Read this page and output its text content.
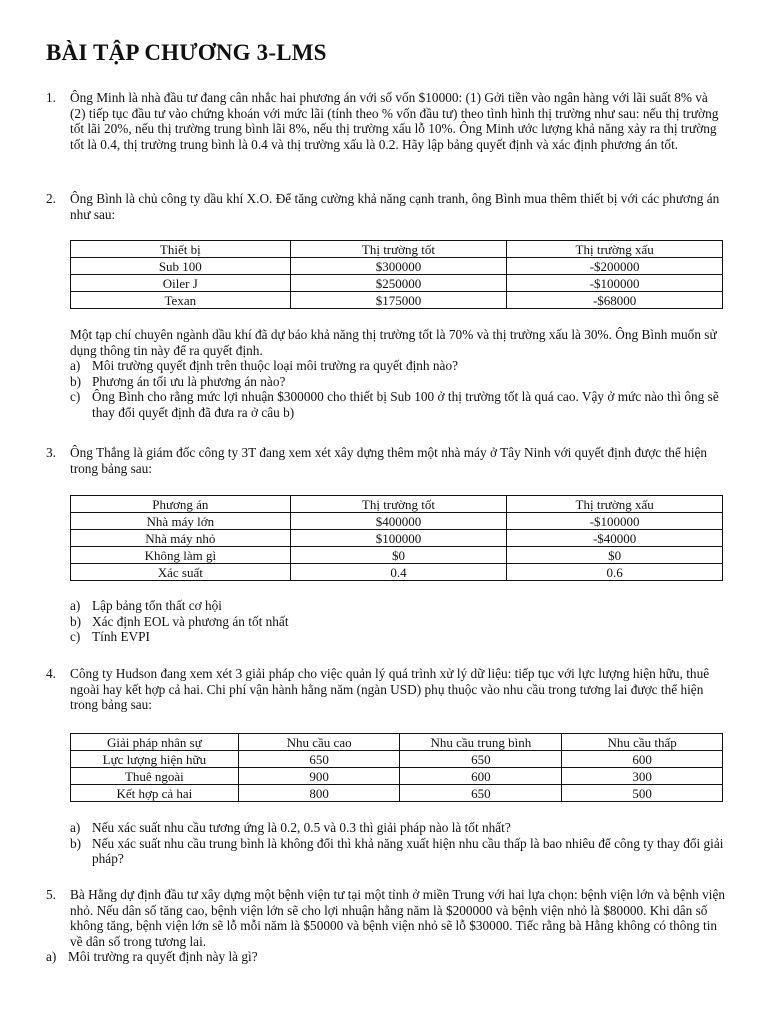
BÀI TẬP CHƯƠNG 3-LMS
1.	Ông Minh là nhà đầu tư đang cân nhắc hai phương án với số vốn $10000: (1) Gởi tiền vào ngân hàng với lãi suất 8% và (2) tiếp tục đầu tư vào chứng khoán với mức lãi (tính theo % vốn đầu tư) theo tình hình thị trường như sau: nếu thị trường tốt lãi 20%, nếu thị trường trung bình lãi 8%, nếu thị trường xấu lỗ 10%. Ông Minh ước lượng khả năng xảy ra thị trường tốt là 0.4, thị trường trung bình là 0.4 và thị trường xấu là 0.2. Hãy lập bảng quyết định và xác định phương án tốt.

2.	Ông Bình là chủ công ty dầu khí X.O. Để tăng cường khả năng cạnh tranh, ông Bình mua thêm thiết bị với các phương án như sau:

Thiết bị	Thị trường tốt	Thị trường xấu
Sub 100	$300000	-$200000
Oiler J	$250000	-$100000
Texan	$175000	-$68000

Một tạp chí chuyên ngành dầu khí đã dự báo khả năng thị trường tốt là 70% và thị trường xấu là 30%. Ông Bình muốn sử dụng thông tin này để ra quyết định.

a) Môi trường quyết định trên thuộc loại môi trường ra quyết định nào?

b) Phương án tối ưu là phương án nào?

c) Ông Bình cho rằng mức lợi nhuận $300000 cho thiết bị Sub 100 ở thị trường tốt là quá cao. Vậy ở mức nào thì ông sẽ thay đổi quyết định đã đưa ra ở câu b)

3.	Ông Thắng là giám đốc công ty 3T đang xem xét xây dựng thêm một nhà máy ở Tây Ninh với quyết định được thể hiện trong bảng sau:

Phương án	Thị trường tốt	Thị trường xấu
Nhà máy lớn	$400000	-$100000
Nhà máy nhỏ	$100000	-$40000
Không làm gì	$0	$0
Xác suất	0.4	0.6

a) Lập bảng tổn thất cơ hội

b) Xác định EOL và phương án tốt nhất

c) Tính EVPI

4.	Công ty Hudson đang xem xét 3 giải pháp cho việc quản lý quá trình xử lý dữ liệu: tiếp tục với lực lượng hiện hữu, thuê ngoài hay kết hợp cả hai. Chi phí vận hành hằng năm (ngàn USD) phụ thuộc vào nhu cầu trong tương lai được thể hiện trong bảng sau:

Giải pháp nhân sự	Nhu cầu cao	Nhu cầu trung bình	Nhu cầu thấp
Lực lượng hiện hữu	650	650	600
Thuê ngoài	900	600	300
Kết hợp cả hai	800	650	500

a) Nếu xác suất nhu cầu tương ứng là 0.2, 0.5 và 0.3 thì giải pháp nào là tốt nhất?

b) Nếu xác suất nhu cầu trung bình là không đổi thì khả năng xuất hiện nhu cầu thấp là bao nhiêu để công ty thay đổi giải pháp?

5.	Bà Hằng dự định đầu tư xây dựng một bệnh viện tư tại một tỉnh ở miền Trung với hai lựa chọn: bệnh viện lớn và bệnh viện nhỏ. Nếu dân số tăng cao, bệnh viện lớn sẽ cho lợi nhuận hằng năm là $200000 và bệnh viện nhỏ là $80000. Khi dân số không tăng, bệnh viện lớn sẽ lỗ mỗi năm là $50000 và bệnh viện nhỏ sẽ lỗ $30000. Tiếc rằng bà Hằng không có thông tin về dân số trong tương lai.

a) Môi trường ra quyết định này là gì?
